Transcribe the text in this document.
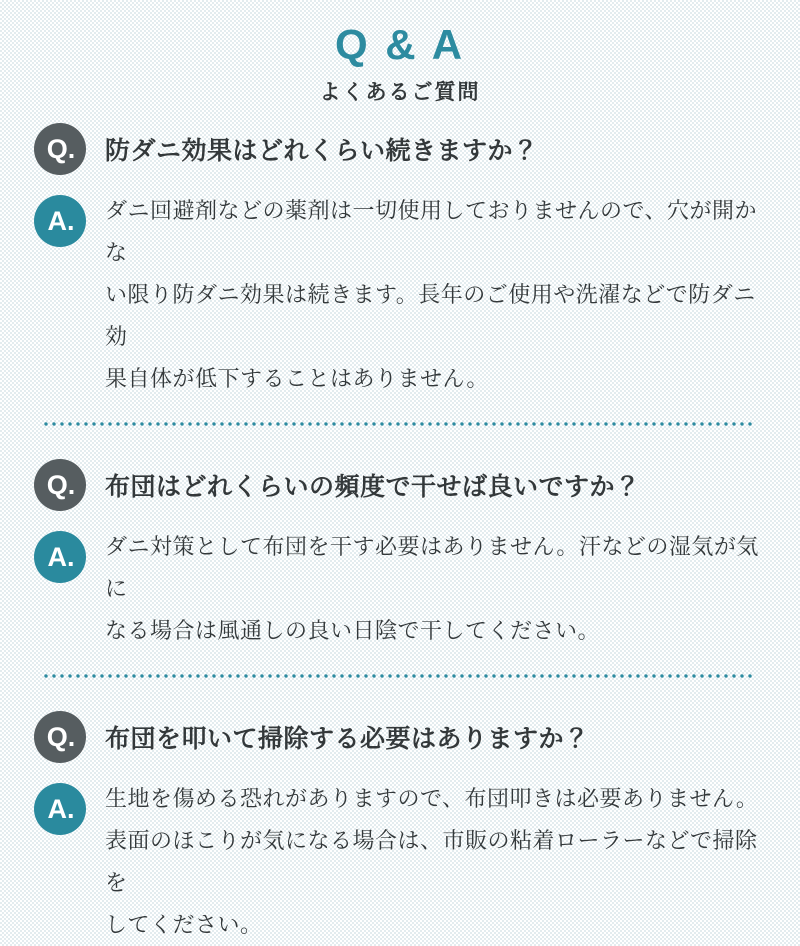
Q & A
よくあるご質問
Q.	防ダニ効果はどれくらい続きますか？
A.	ダニ回避剤などの薬剤は一切使用しておりませんので、穴が開かな
い限り防ダニ効果は続きます。長年のご使用や洗濯などで防ダニ効
果自体が低下することはありません。
Q.	布団はどれくらいの頻度で干せば良いですか？
A.	ダニ対策として布団を干す必要はありません。汗などの湿気が気に
なる場合は風通しの良い日陰で干してください。
Q.	布団を叩いて掃除する必要はありますか？
A.	生地を傷める恐れがありますので、布団叩きは必要ありません。
表面のほこりが気になる場合は、市販の粘着ローラーなどで掃除を
してください。
